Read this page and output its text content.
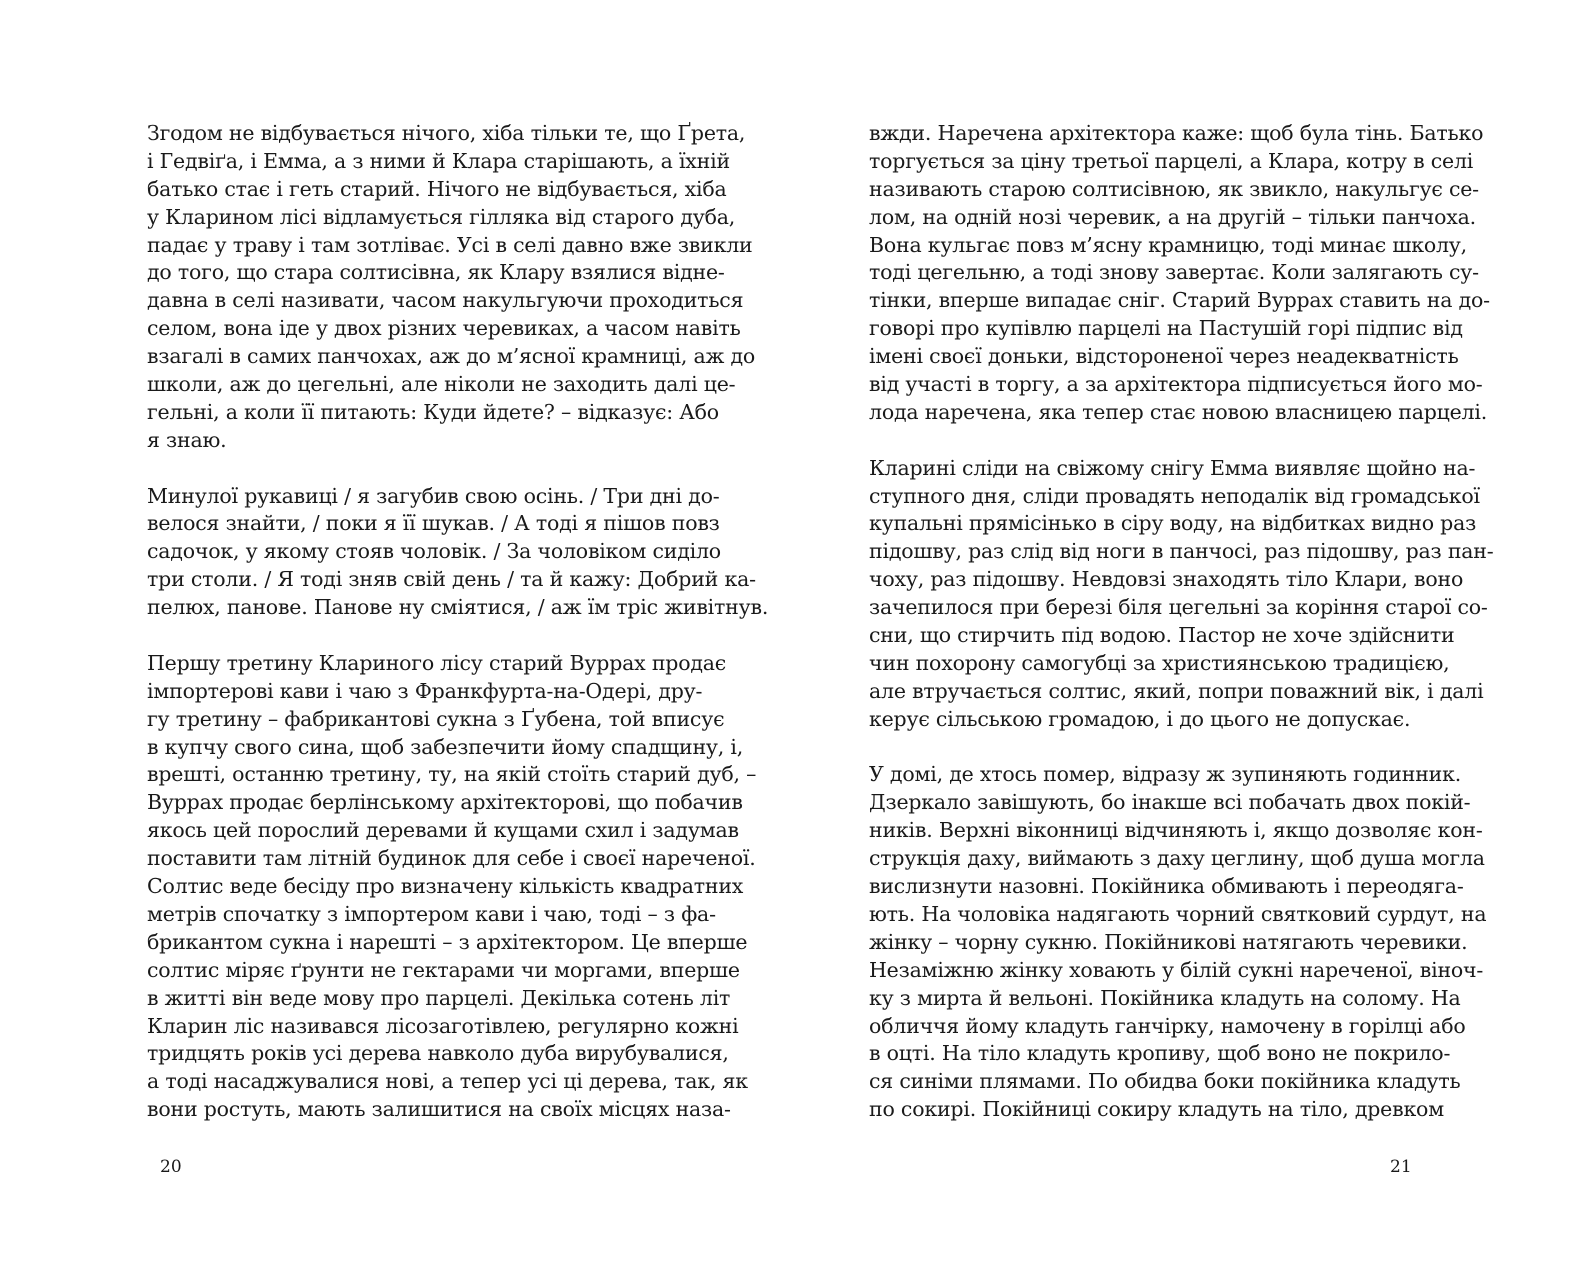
Згодом не відбувається нічого, хіба тільки те, що Ґрета,
і Гедвіґа, і Емма, а з ними й Клара старішають, а їхній
батько стає і геть старий. Нічого не відбувається, хіба
у Кларином лісі відламується гілляка від старого дуба,
падає у траву і там зотліває. Усі в селі давно вже звикли
до того, що стара солтисівна, як Клару взялися відне-
давна в селі називати, часом накульгуючи проходиться
селом, вона іде у двох різних черевиках, а часом навіть
взагалі в самих панчохах, аж до м’ясної крамниці, аж до
школи, аж до цегельні, але ніколи не заходить далі це-
гельні, а коли її питають: Куди йдете? – відказує: Або
я знаю.
Минулої рукавиці / я загубив свою осінь. / Три дні до-
велося знайти, / поки я її шукав. / А тоді я пішов повз
садочок, у якому стояв чоловік. / За чоловіком сиділо
три столи. / Я тоді зняв свій день / та й кажу: Добрий ка-
пелюх, панове. Панове ну сміятися, / аж їм тріс живітнув.
Першу третину Клариного лісу старий Вуррах продає
імпортерові кави і чаю з Франкфурта-на-Одері, дру-
гу третину – фабрикантові сукна з Ґубена, той вписує
в купчу свого сина, щоб забезпечити йому спадщину, і,
врешті, останню третину, ту, на якій стоїть старий дуб, –
Вуррах продає берлінському архітекторові, що побачив
якось цей порослий деревами й кущами схил і задумав
поставити там літній будинок для себе і своєї нареченої.
Солтис веде бесіду про визначену кількість квадратних
метрів спочатку з імпортером кави і чаю, тоді – з фа-
брикантом сукна і нарешті – з архітектором. Це вперше
солтис міряє ґрунти не гектарами чи моргами, вперше
в житті він веде мову про парцелі. Декілька сотень літ
Кларин ліс називався лісозаготівлею, регулярно кожні
тридцять років усі дерева навколо дуба вирубувалися,
а тоді насаджувалися нові, а тепер усі ці дерева, так, як
вони ростуть, мають залишитися на своїх місцях наза-
20
вжди. Наречена архітектора каже: щоб була тінь. Батько
торгується за ціну третьої парцелі, а Клара, котру в селі
називають старою солтисівною, як звикло, накульгує се-
лом, на одній нозі черевик, а на другій – тільки панчоха.
Вона кульгає повз м’ясну крамницю, тоді минає школу,
тоді цегельню, а тоді знову завертає. Коли залягають су-
тінки, вперше випадає сніг. Старий Вуррах ставить на до-
говорі про купівлю парцелі на Пастушій горі підпис від
імені своєї доньки, відстороненої через неадекватність
від участі в торгу, а за архітектора підписується його мо-
лода наречена, яка тепер стає новою власницею парцелі.
Кларині сліди на свіжому снігу Емма виявляє щойно на-
ступного дня, сліди провадять неподалік від громадської
купальні прямісінько в сіру воду, на відбитках видно раз
підошву, раз слід від ноги в панчосі, раз підошву, раз пан-
чоху, раз підошву. Невдовзі знаходять тіло Клари, воно
зачепилося при березі біля цегельні за коріння старої со-
сни, що стирчить під водою. Пастор не хоче здійснити
чин похорону самогубці за християнською традицією,
але втручається солтис, який, попри поважний вік, і далі
керує сільською громадою, і до цього не допускає.
У домі, де хтось помер, відразу ж зупиняють годинник.
Дзеркало завішують, бо інакше всі побачать двох покій-
ників. Верхні віконниці відчиняють і, якщо дозволяє кон-
струкція даху, виймають з даху цеглину, щоб душа могла
вислизнути назовні. Покійника обмивають і переодяга-
ють. На чоловіка надягають чорний святковий сурдут, на
жінку – чорну сукню. Покійникові натягають черевики.
Незаміжню жінку ховають у білій сукні нареченої, віноч-
ку з мирта й вельоні. Покійника кладуть на солому. На
обличчя йому кладуть ганчірку, намочену в горілці або
в оцті. На тіло кладуть кропиву, щоб воно не покрило-
ся синіми плямами. По обидва боки покійника кладуть
по сокирі. Покійниці сокиру кладуть на тіло, древком
21
